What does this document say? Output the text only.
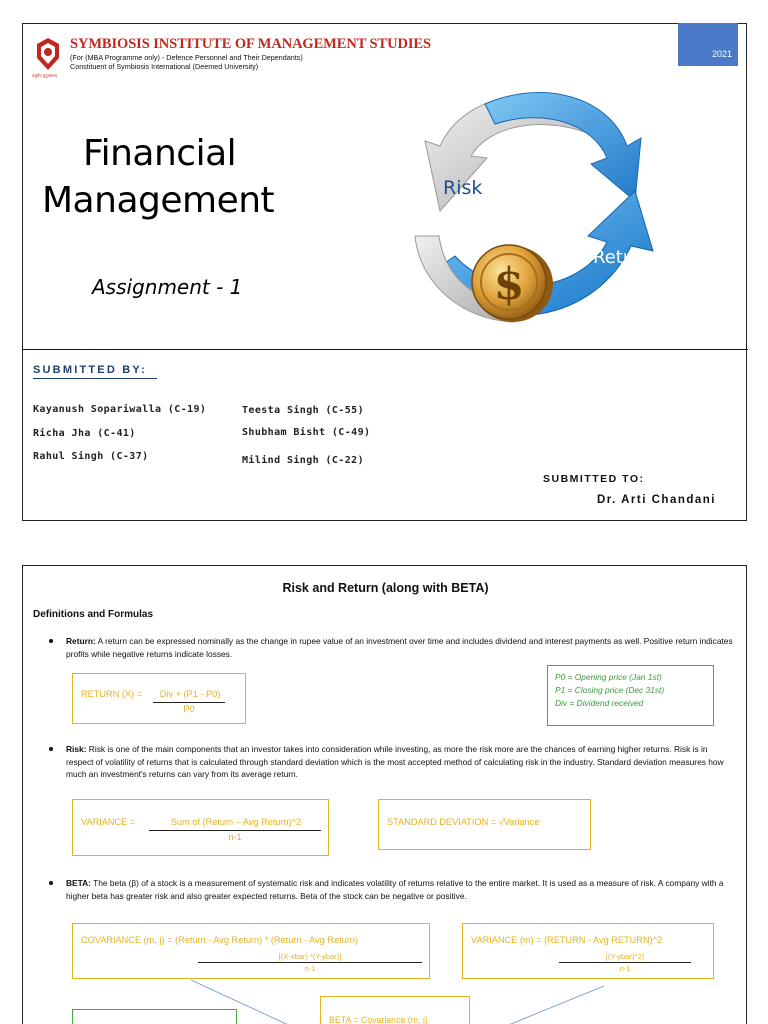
2021
वसुधैव कुटुम्बकम्
SYMBIOSIS INSTITUTE OF MANAGEMENT STUDIES
(For (MBA Programme only) - Defence Personnel and Their Dependants)
Constituent of Symbiosis International (Deemed University)
Financial
Management
Assignment - 1	$
Risk
Return
SUBMITTED BY:
Kayanush Sopariwalla (C-19)
Richa Jha (C-41)
Rahul Singh (C-37)
Teesta Singh (C-55)
Shubham Bisht (C-49)
Milind Singh (C-22)
SUBMITTED TO:
Dr. Arti Chandani
Risk and Return (along with BETA)
Definitions and Formulas
Return: A return can be expressed nominally as the change in rupee value of an investment over time and includes dividend and interest payments as well. Positive return indicates profits while negative returns indicate losses.
RETURN (X) =	Div + (P1 - P0)
P0
P0 = Opening price (Jan 1st)
P1 = Closing price (Dec 31st)
Div = Dividend received
Risk: Risk is one of the main components that an investor takes into consideration while investing, as more the risk more are the chances of earning higher returns. Risk is in respect of volatility of returns that is calculated through standard deviation which is the most accepted method of calculating risk in the industry. Standard deviation measures how much an investment's returns can vary from its average return.
VARIANCE =	Sum of (Return – Avg Return)^2
n-1
STANDARD DEVIATION = √Variance
BETA: The beta (β) of a stock is a measurement of systematic risk and indicates volatility of returns relative to the entire market. It is used as a measure of risk. A company with a higher beta has greater risk and also greater expected returns. Beta of the stock can be negative or positive.
COVARIANCE (m, j) = (Return - Avg Return) * (Return - Avg Return)
[(X-xbar) *(Y-ybar)]
n-1
VARIANCE (m) = (RETURN - Avg RETURN)^2
[(Y-ybar)^2]
n-1
BETA = Covariance (m, j)
